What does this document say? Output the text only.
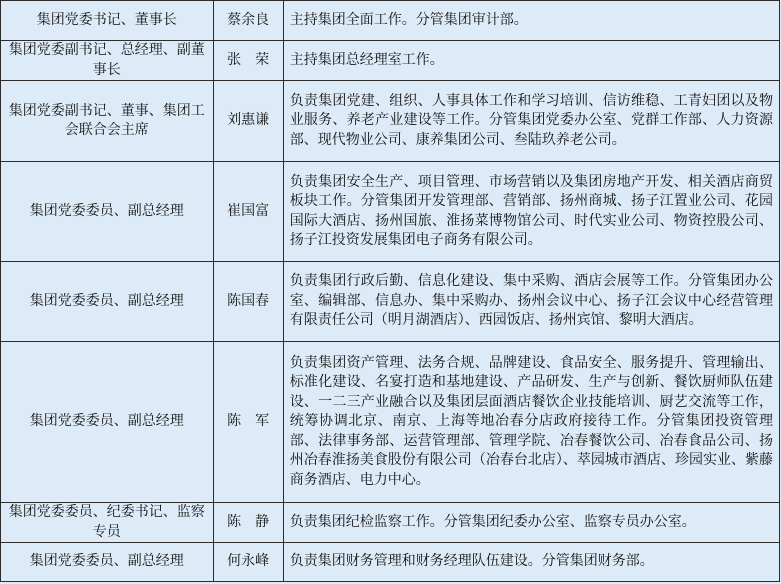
集团党委书记、董事长	蔡余良	主持集团全面工作。分管集团审计部。
集团党委副书记、总经理、副董事长	张　荣	主持集团总经理室工作。
集团党委副书记、董事、集团工会联合会主席	刘惠谦	负责集团党建、组织、人事具体工作和学习培训、信访维稳、工青妇团以及物业服务、养老产业建设等工作。分管集团党委办公室、党群工作部、人力资源部、现代物业公司、康养集团公司、叁陆玖养老公司。
集团党委委员、副总经理	崔国富	负责集团安全生产、项目管理、市场营销以及集团房地产开发、相关酒店商贸板块工作。分管集团开发管理部、营销部、扬州商城、扬子江置业公司、花园国际大酒店、扬州国旅、淮扬菜博物馆公司、时代实业公司、物资控股公司、扬子江投资发展集团电子商务有限公司。
集团党委委员、副总经理	陈国春	负责集团行政后勤、信息化建设、集中采购、酒店会展等工作。分管集团办公室、编辑部、信息办、集中采购办、扬州会议中心、扬子江会议中心经营管理有限责任公司（明月湖酒店）、西园饭店、扬州宾馆、黎明大酒店。
集团党委委员、副总经理	陈　军	负责集团资产管理、法务合规、品牌建设、食品安全、服务提升、管理输出、标准化建设、名宴打造和基地建设、产品研发、生产与创新、餐饮厨师队伍建设、一二三产业融合以及集团层面酒店餐饮企业技能培训、厨艺交流等工作，统筹协调北京、南京、上海等地冶春分店政府接待工作。分管集团投资管理部、法律事务部、运营管理部、管理学院、冶春餐饮公司、冶春食品公司、扬州冶春淮扬美食股份有限公司（冶春台北店）、萃园城市酒店、珍园实业、紫藤商务酒店、电力中心。
集团党委委员、纪委书记、监察专员	陈　静	负责集团纪检监察工作。分管集团纪委办公室、监察专员办公室。
集团党委委员、副总经理	何永峰	负责集团财务管理和财务经理队伍建设。分管集团财务部。
